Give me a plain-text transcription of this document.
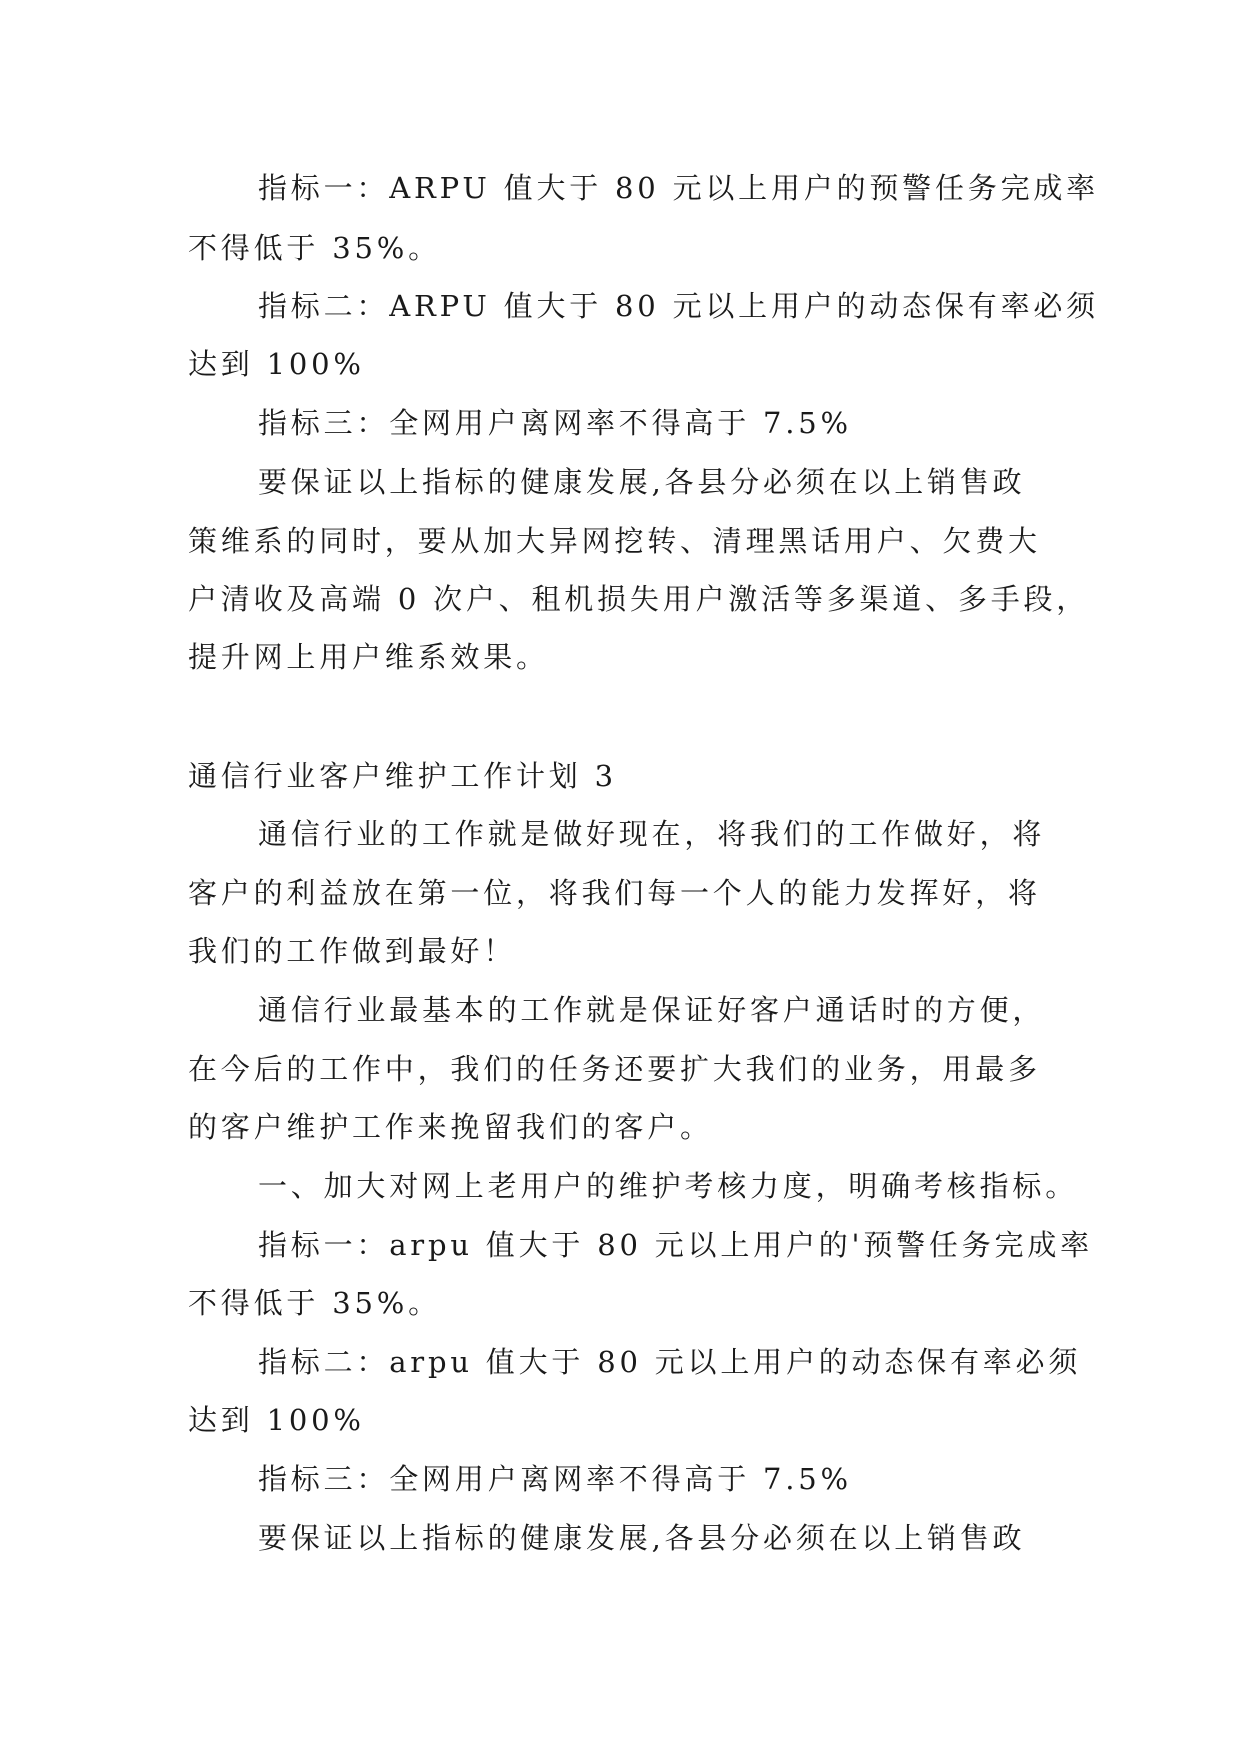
指标一：ARPU 值大于 80 元以上用户的预警任务完成率
不得低于 35%。
指标二：ARPU 值大于 80 元以上用户的动态保有率必须
达到 100%
指标三：全网用户离网率不得高于 7.5%
要保证以上指标的健康发展,各县分必须在以上销售政
策维系的同时，要从加大异网挖转、清理黑话用户、欠费大
户清收及高端 0 次户、租机损失用户激活等多渠道、多手段，
提升网上用户维系效果。
通信行业客户维护工作计划 3
通信行业的工作就是做好现在，将我们的工作做好，将
客户的利益放在第一位，将我们每一个人的能力发挥好，将
我们的工作做到最好！
通信行业最基本的工作就是保证好客户通话时的方便，
在今后的工作中，我们的任务还要扩大我们的业务，用最多
的客户维护工作来挽留我们的客户。
一、加大对网上老用户的维护考核力度，明确考核指标。
指标一：arpu 值大于 80 元以上用户的'预警任务完成率
不得低于 35%。
指标二：arpu 值大于 80 元以上用户的动态保有率必须
达到 100%
指标三：全网用户离网率不得高于 7.5%
要保证以上指标的健康发展,各县分必须在以上销售政
